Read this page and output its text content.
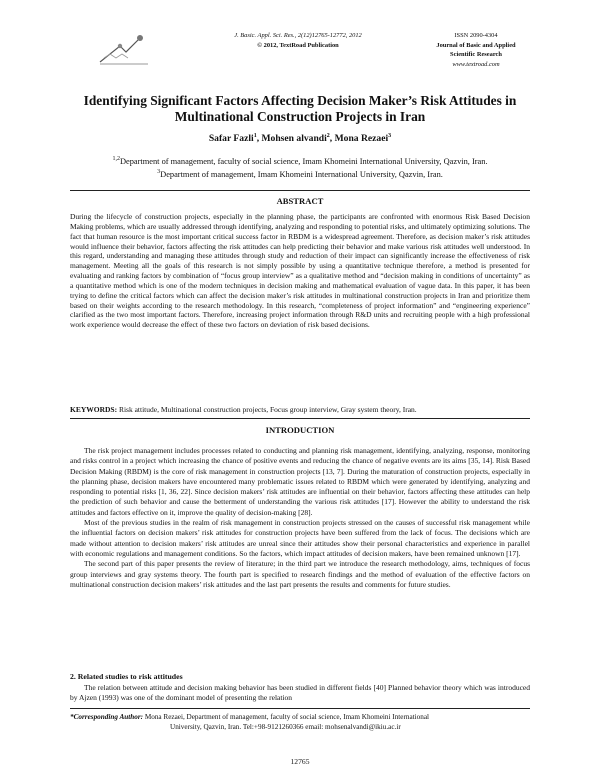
J. Basic. Appl. Sci. Res., 2(12)12765-12772, 2012
© 2012, TextRoad Publication
ISSN 2090-4304
Journal of Basic and Applied
Scientific Research
www.textroad.com
Identifying Significant Factors Affecting Decision Maker’s Risk Attitudes in
Multinational Construction Projects in Iran
Safar Fazli$^1$, Mohsen alvandi$^2$, Mona Rezaei$^3$
$^{1,2}$Department of management, faculty of social science, Imam Khomeini International University, Qazvin, Iran.
$^3$Department of management, Imam Khomeini International University, Qazvin, Iran.
ABSTRACT
During the lifecycle of construction projects, especially in the planning phase, the participants are confronted with enormous Risk Based Decision Making problems, which are usually addressed through identifying, analyzing and responding to potential risks, and ultimately optimizing solutions. The fact that human resource is the most important critical success factor in RBDM is a widespread agreement. Therefore, as decision maker’s risk attitudes would influence their behavior, factors affecting the risk attitudes can help predicting their behavior and make various risk attitudes well understood. In this regard, understanding and managing these attitudes through study and reduction of their impact can significantly increase the effectiveness of risk management. Meeting all the goals of this research is not simply possible by using a quantitative technique therefore, a method is presented for evaluating and ranking factors by combination of “focus group interview” as a qualitative method and “decision making in conditions of uncertainty” as a quantitative method which is one of the modern techniques in decision making and mathematical evaluation of vague data. In this paper, it has been trying to define the critical factors which can affect the decision maker’s risk attitudes in multinational construction projects in Iran and prioritize them based on their weights according to the research methodology. In this research, “completeness of project information” and “engineering experience” clarified as the two most important factors. Therefore, increasing project information through R&D units and recruiting people with a high professional work experience would decrease the effect of these two factors on deviation of risk based decisions.
KEYWORDS: Risk attitude, Multinational construction projects, Focus group interview, Gray system theory, Iran.
INTRODUCTION

The risk project management includes processes related to conducting and planning risk management, identifying, analyzing, response, monitoring and risks control in a project which increasing the chance of positive events and reducing the chance of negative events are its aims [35, 14]. Risk Based Decision Making (RBDM) is the core of risk management in construction projects [13, 7]. During the maturation of construction projects, especially in the planning phase, decision makers have encountered many problematic issues related to RBDM which were generated by identifying, analyzing and responding to potential risks [1, 36, 22]. Since decision makers’ risk attitudes are influential on their behavior, factors affecting these attitudes can help the prediction of such behavior and cause the betterment of understanding the various risk attitudes [17]. However the ability to understand the risk attitudes and factors effective on it, improve the quality of decision-making [28].

Most of the previous studies in the realm of risk management in construction projects stressed on the causes of successful risk management while the influential factors on decision makers’ risk attitudes for construction projects have been suffered from the lack of focus. The decisions which are made without attention to decision makers’ risk attitudes are unreal since their attitudes show their personal characteristics and experience in parallel with economic regulations and management conditions. So the factors, which impact attitudes of decision makers, have been remained unknown [17].

The second part of this paper presents the review of literature; in the third part we introduce the research methodology, aims, techniques of focus group interviews and gray systems theory. The fourth part is specified to research findings and the method of evaluation of the effective factors on multinational construction decision makers’ risk attitudes and the last part presents the results and comments for future studies.

2. Related studies to risk attitudes

The relation between attitude and decision making behavior has been studied in different fields [40] Planned behavior theory which was introduced by Ajzen (1993) was one of the dominant model of presenting the relation

*Corresponding Author: Mona Rezaei, Department of management, faculty of social science, Imam Khomeini International
University, Qazvin, Iran. Tel:+98-9121260366 email: mohsenalvandi@ikiu.ac.ir
12765
